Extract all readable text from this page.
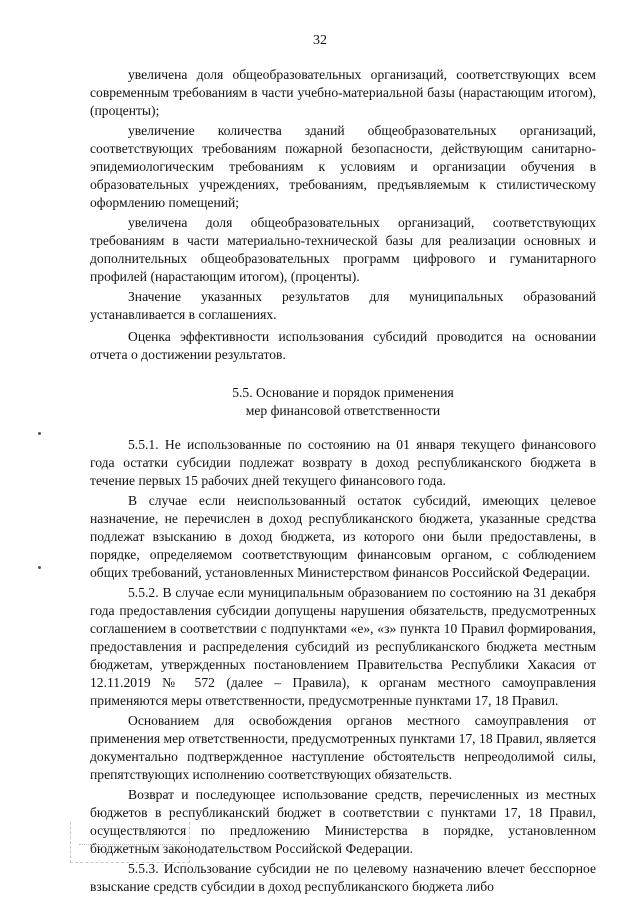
32

увеличена доля общеобразовательных организаций, соответствующих всем современным требованиям в части учебно-материальной базы (нарастающим итогом), (проценты);

увеличение количества зданий общеобразовательных организаций, соответствующих требованиям пожарной безопасности, действующим санитарно-эпидемиологическим требованиям к условиям и организации обучения в образовательных учреждениях, требованиям, предъявляемым к стилистическому оформлению помещений;

увеличена доля общеобразовательных организаций, соответствующих требованиям в части материально-технической базы для реализации основных и дополнительных общеобразовательных программ цифрового и гуманитарного профилей (нарастающим итогом), (проценты).

Значение указанных результатов для муниципальных образований устанавливается в соглашениях.

Оценка эффективности использования субсидий проводится на основании отчета о достижении результатов.

5.5. Основание и порядок применения
мер финансовой ответственности

5.5.1. Не использованные по состоянию на 01 января текущего финансового года остатки субсидии подлежат возврату в доход республиканского бюджета в течение первых 15 рабочих дней текущего финансового года.

В случае если неиспользованный остаток субсидий, имеющих целевое назначение, не перечислен в доход республиканского бюджета, указанные средства подлежат взысканию в доход бюджета, из которого они были предоставлены, в порядке, определяемом соответствующим финансовым органом, с соблюдением общих требований, установленных Министерством финансов Российской Федерации.

5.5.2. В случае если муниципальным образованием по состоянию на 31 декабря года предоставления субсидии допущены нарушения обязательств, предусмотренных соглашением в соответствии с подпунктами «е», «з» пункта 10 Правил формирования, предоставления и распределения субсидий из республиканского бюджета местным бюджетам, утвержденных постановлением Правительства Республики Хакасия от 12.11.2019 № 572 (далее – Правила), к органам местного самоуправления применяются меры ответственности, предусмотренные пунктами 17, 18 Правил.

Основанием для освобождения органов местного самоуправления от применения мер ответственности, предусмотренных пунктами 17, 18 Правил, является документально подтвержденное наступление обстоятельств непреодолимой силы, препятствующих исполнению соответствующих обязательств.

Возврат и последующее использование средств, перечисленных из местных бюджетов в республиканский бюджет в соответствии с пунктами 17, 18 Правил, осуществляются по предложению Министерства в порядке, установленном бюджетным законодательством Российской Федерации.

5.5.3. Использование субсидии не по целевому назначению влечет бесспорное взыскание средств субсидии в доход республиканского бюджета либо
